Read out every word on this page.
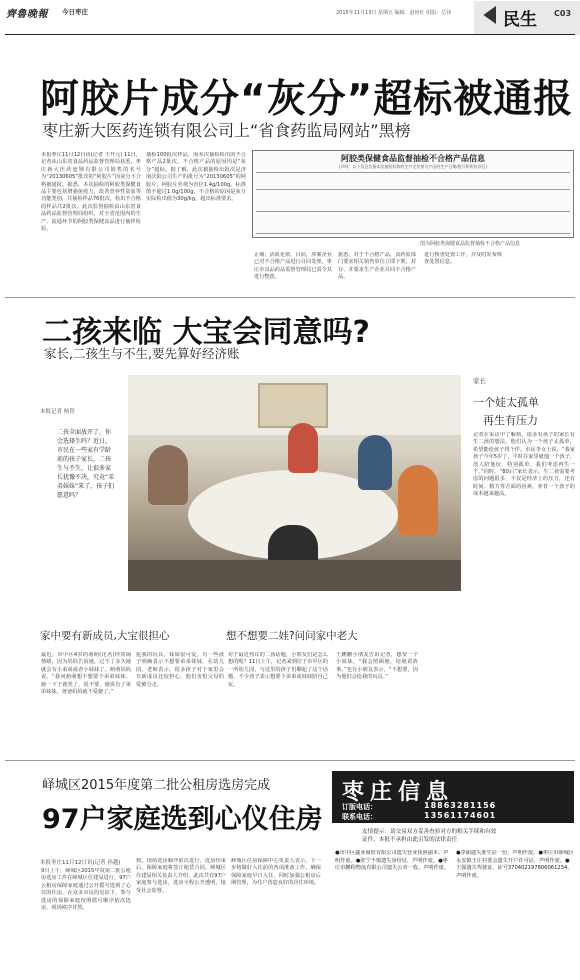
齊魯晚報 今日枣庄	2015年11月13日 星期五 编辑：赵艳红 组版：岳伟	民生 C03
阿胶片成分“灰分”超标被通报
枣庄新大医药连锁有限公司上“省食药监局网站”黑榜
本报枣庄11月12日讯(记者 王开元) 11日，记者从山东省食品药品监督管理局获悉，枣庄新大医药连锁有限公司销售的名号为“20130605”批次的“阿胶片”因灰分不合格被通报。据悉，本次抽检的阿胶类保健食品主要包括增强免疫力，改善营养性贫血等功能类别，共抽检样品76批次，检出不合格的样品共2批次。此次监督抽检由山东省食品药品监督管理局组织，对全省范围内的生产、流通环节的阿胶类保健食品进行抽样检验。
抽检100批次样品，而本次抽检检出的不合格产品2批次。不合格产品的原因均是“灰分”超标。据了解，此次被抽检出批次是济南沃阳公司生产的批号为“20130605”的阿胶片，阿胶片外观为直径1.4g/100g，标准值不超过1.0g/100g，不合格的原因是灰分实际检出值为30g/kg，超出标准要求。
阿胶类保健食品监督抽检不合格产品信息
(声明：以下信息仅指本次抽检标称的生产企业相关产品的生产日期/批号和所检项目)
图为阿胶类保健食品监督抽检不合格产品信息
止痛，活血化瘀。目前，涉案企业已对不合格产品进行召回处理，枣庄市食品药品监督管理局已责令其进行整改。
据悉，对于不合格产品，食药监部门要求相关销售单位立即下架，封存，并要求生产企业召回不合格产品。
进行核查处置工作，并及时发布核查处置信息。
二孩来临 大宝会同意吗?
家长,二孩生与不生,要先算好经济账
本报记者 杨智
二孩全面放开了，你会选择生吗？近日，市民在一些家有学龄前的孩子家长，二孩生与不生，让很多家长犹豫不决，究竟“弟弟妹妹”来了，孩子们愿意吗？
家长
一个娃太孤单
再生有压力
记者在采访中了解到，很多有孩子的家长有生二孩的想法，他们认为一个孩子太孤单，希望能给孩子找个伴。市民李女士说，“我家孩子今年5岁了，平时在家里就他一个孩子，没人陪他玩，特别孤单，我们考虑再生一个。”同时，“80后”家长表示，生二孩需要考虑的问题很多，不仅是经济上的压力，还有时间、精力等方面的因素，养育一个孩子的成本越来越高。
家中要有新成员,大宝很担心	想不想要二娃?问问家中老大
最近，市中区4岁的萌萌(化名)经常闹情绪，因为妈妈告诉她，过不了多久她就会有小弟弟或者小妹妹了。萌萌妈妈说，“我问萌萌想不想要个弟弟妹妹，她一下子就哭了，说不要，她说有了弟弟妹妹，爸爸妈妈就不爱她了。”
抢我的玩具，妹妹很可爱，有一些孩子明确表示不想要弟弟妹妹。在幼儿园，老师表示，很多孩子对于家里会有新成员比较担心，他们害怕父母的爱被分走。
对于最近热议的二孩话题，小朋友们是怎么想的呢？11日上午，记者来到位于市中区的一所幼儿园，与这里的孩子们聊起了这个话题，不少孩子表示想要个弟弟或妹妹陪自己玩。
王鹏鹏小朋友告诉记者，想要一个小妹妹，“我会照顾她，给她讲故事。”也有小朋友表示，“不想要，因为他们会抢我的玩具。”
峄城区2015年度第二批公租房选房完成
97户家庭选到心仪住房
本报枣庄11月12日讯(记者 孙越)
9日上午，峄城区2015年度第二批公租房选房工作在峄城区住建局进行，97户公租房保障家庭通过公开摇号选到了心仪的住房。在众多市民的见证下，参与选房的保障家庭按照摇号顺序依次选房，现场秩序井然。
到，现场选房顺序依次进行，选房结束后，保障家庭将签订租赁合同。峄城区住建局相关负责人介绍，此次共有97户家庭参与选房，选房全程公开透明，接受社会监督。
峄城区住房保障中心负责人表示，下一步将做好入住前的各项准备工作，确保保障家庭早日入住，同时加强公租房后期管理，为住户营造良好的居住环境。
枣庄信息
订版电话：	18863281156
联系电话：	13561174601
友情提示：请交易双方妥善查验对方的相关手续和有效
证件，本报不承担由此引发的法律责任
●市中区鑫业商贸有限公司遗失营业执照副本，声明作废。●张宁不慎遗失身份证，声明作废。●枣庄市鹏程物流有限公司遗失公章一枚，声明作废。
●李丽遗失准生证一份，声明作废。●枣庄市薛城区永安镇王庄村委会遗失开户许可证，声明作废。●王强遗失驾驶证，证号370402197806061234，声明作废。
